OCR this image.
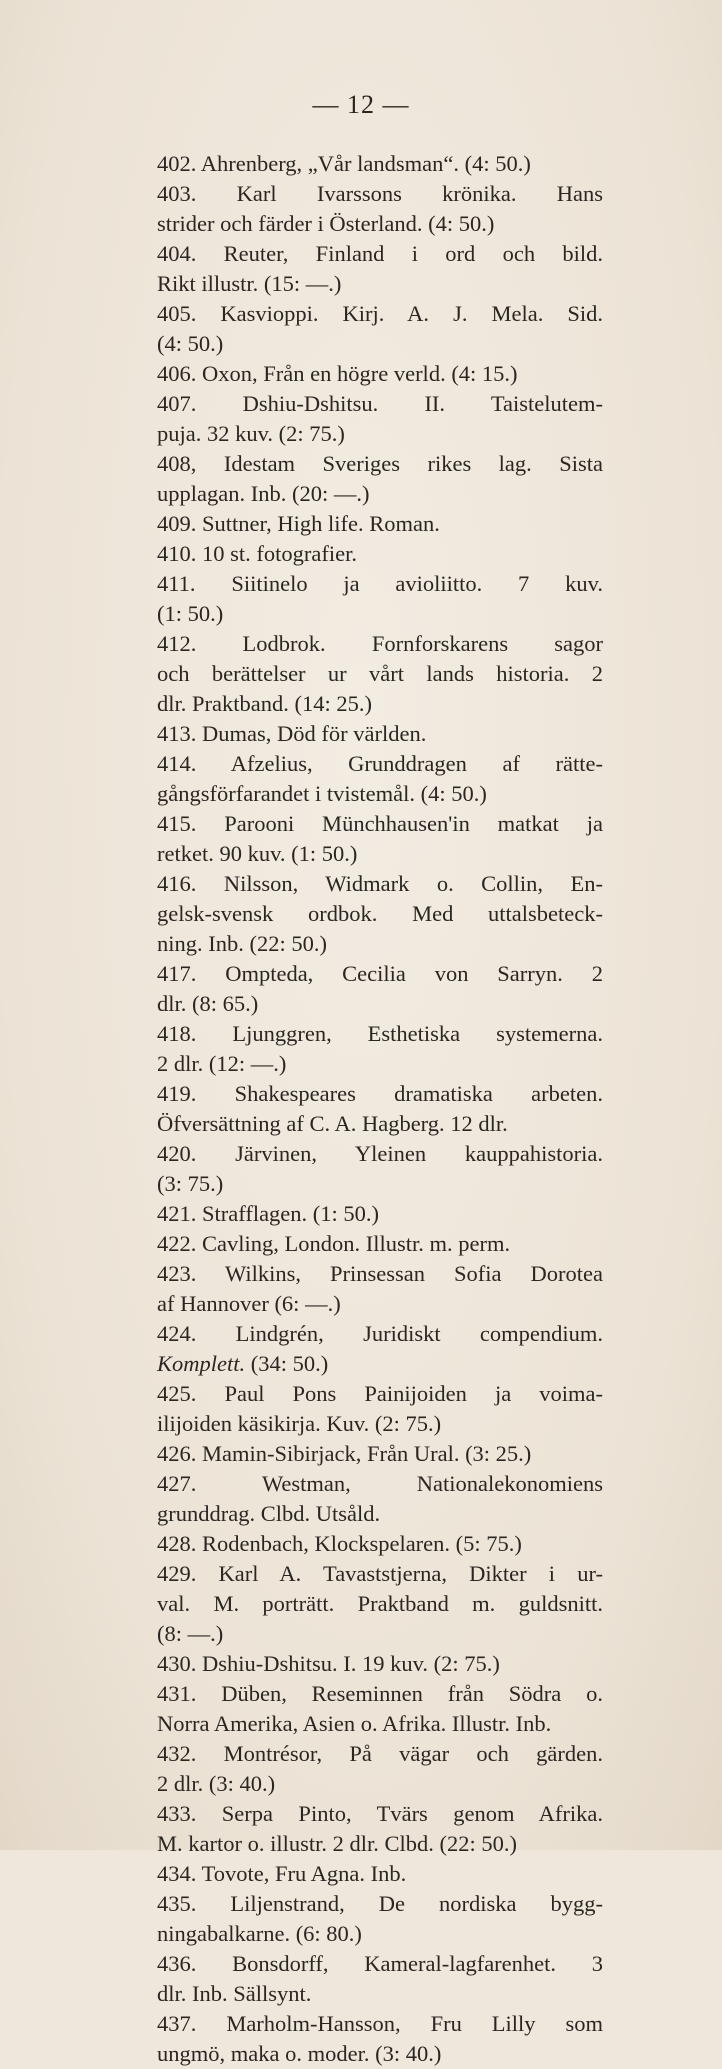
— 12 —
402. Ahrenberg, „Vår landsman“. (4: 50.)
403. Karl Ivarssons krönika. Hans
strider och färder i Österland. (4: 50.)
404. Reuter, Finland i ord och bild.
Rikt illustr. (15: —.)
405. Kasvioppi. Kirj. A. J. Mela. Sid.
(4: 50.)
406. Oxon, Från en högre verld. (4: 15.)
407. Dshiu-Dshitsu. II. Taistelutem-
puja. 32 kuv. (2: 75.)
408, Idestam Sveriges rikes lag. Sista
upplagan. Inb. (20: —.)
409. Suttner, High life. Roman.
410. 10 st. fotografier.
411. Siitinelo ja avioliitto. 7 kuv.
(1: 50.)
412. Lodbrok. Fornforskarens sagor
och berättelser ur vårt lands historia. 2
dlr. Praktband. (14: 25.)
413. Dumas, Död för världen.
414. Afzelius, Grunddragen af rätte-
gångsförfarandet i tvistemål. (4: 50.)
415. Parooni Münchhausen'in matkat ja
retket. 90 kuv. (1: 50.)
416. Nilsson, Widmark o. Collin, En-
gelsk-svensk ordbok. Med uttalsbeteck-
ning. Inb. (22: 50.)
417. Ompteda, Cecilia von Sarryn. 2
dlr. (8: 65.)
418. Ljunggren, Esthetiska systemerna.
2 dlr. (12: —.)
419. Shakespeares dramatiska arbeten.
Öfversättning af C. A. Hagberg. 12 dlr.
420. Järvinen, Yleinen kauppahistoria.
(3: 75.)
421. Strafflagen. (1: 50.)
422. Cavling, London. Illustr. m. perm.
423. Wilkins, Prinsessan Sofia Dorotea
af Hannover (6: —.)
424. Lindgrén, Juridiskt compendium.
Komplett. (34: 50.)
425. Paul Pons Painijoiden ja voima-
ilijoiden käsikirja. Kuv. (2: 75.)
426. Mamin-Sibirjack, Från Ural. (3: 25.)
427. Westman, Nationalekonomiens
grunddrag. Clbd. Utsåld.
428. Rodenbach, Klockspelaren. (5: 75.)
429. Karl A. Tavaststjerna, Dikter i ur-
val. M. porträtt. Praktband m. guldsnitt.
(8: —.)
430. Dshiu-Dshitsu. I. 19 kuv. (2: 75.)
431. Düben, Reseminnen från Södra o.
Norra Amerika, Asien o. Afrika. Illustr. Inb.
432. Montrésor, På vägar och gärden.
2 dlr. (3: 40.)
433. Serpa Pinto, Tvärs genom Afrika.
M. kartor o. illustr. 2 dlr. Clbd. (22: 50.)
434. Tovote, Fru Agna. Inb.
435. Liljenstrand, De nordiska bygg-
ningabalkarne. (6: 80.)
436. Bonsdorff, Kameral-lagfarenhet. 3
dlr. Inb. Sällsynt.
437. Marholm-Hansson, Fru Lilly som
ungmö, maka o. moder. (3: 40.)
